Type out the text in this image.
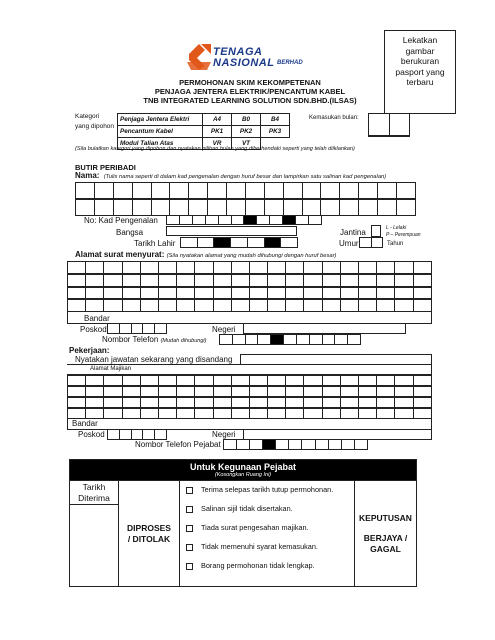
TENAGA
NASIONAL BERHAD
PERMOHONAN SKIM KEKOMPETENAN
PENJAGA JENTERA ELEKTRIK/PENCANTUM KABEL
TNB INTEGRATED LEARNING SOLUTION SDN.BHD.(ILSAS)
Lekatkan gambar berukuran pasport yang terbaru
Kategori yang dipohon
Penjaga Jentera Elektri	A4	B0	B4
Pencantum Kabel	PK1	PK2	PK3
Modul Talian Atas	VR	VT	
Kemasukan bulan:

(Sila bulatkan kategori yang dipohon dan nyatakan pilihan bulan yang diberhendaki seperti yang telah diiklankan)
BUTIR PERIBADI
Nama: (Tulis nama seperti di dalam kad pengenalan dengan huruf besar dan lampirkan satu salinan kad pengenalan)

No: Kad Pengenalan

Bangsa	Jantina	L - Lelaki
P – Perempuan
Tarikh Lahir
							Umur
		Tahun
Alamat surat menyurat: (Sila nyatakan alamat yang mudah dihubungi dengan huruf besar)

Bandar
Poskod
					Negeri
Nombor Telefon (Mudah dihubungi)

Pekerjaan:
Nyatakan jawatan sekarang yang disandang
Alamat Majikan

Bandar
Poskod
					Negeri
Nombor Telefon Pejabat

Untuk Kegunaan Pejabat
(Kosongkan Ruang Ini)

Tarikh Diterima

DIPROSES / DITOLAK

Terima selepas tarikh tutup permohonan.
Salinan sijil tidak disertakan.
Tiada surat pengesahan majikan.
Tidak memenuhi syarat kemasukan.
Borang permohonan tidak lengkap.

KEPUTUSAN
BERJAYA / GAGAL
